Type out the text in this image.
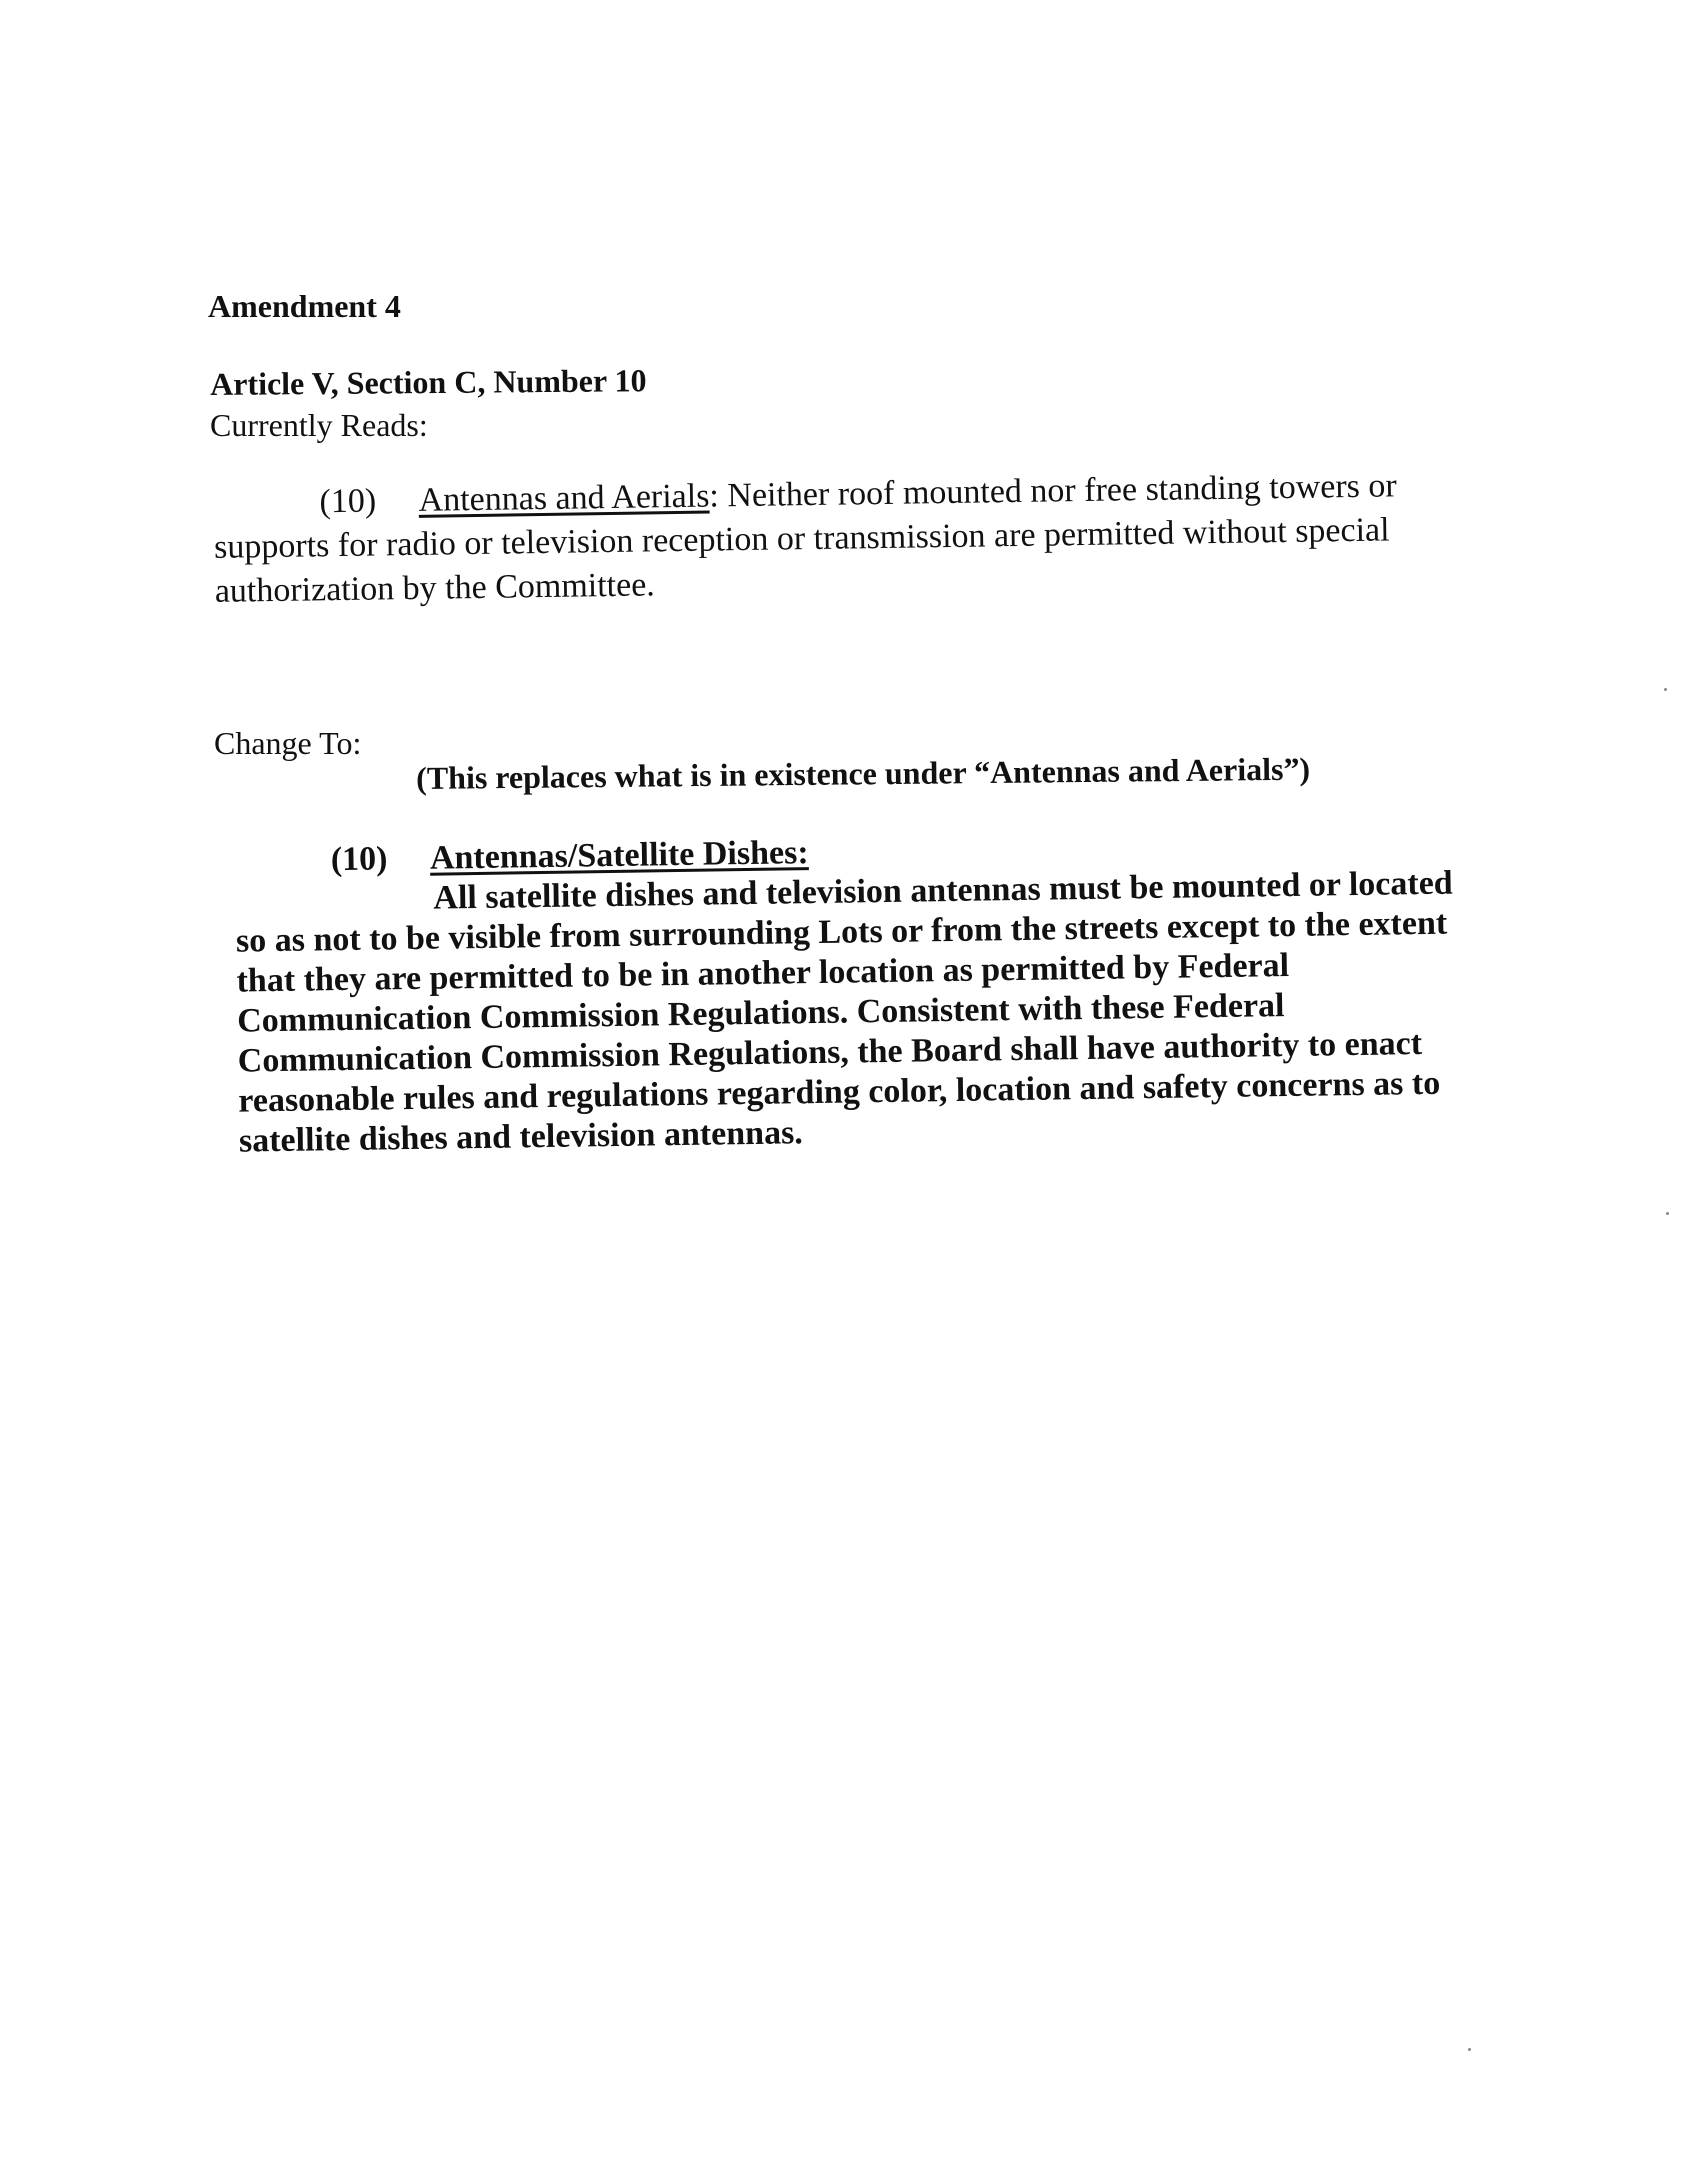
Amendment 4
Article V, Section C, Number 10
Currently Reads:
(10) Antennas and Aerials: Neither roof mounted nor free standing towers or
supports for radio or television reception or transmission are permitted without special
authorization by the Committee.
Change To:
(This replaces what is in existence under “Antennas and Aerials”)
(10) Antennas/Satellite Dishes:
All satellite dishes and television antennas must be mounted or located
so as not to be visible from surrounding Lots or from the streets except to the extent
that they are permitted to be in another location as permitted by Federal
Communication Commission Regulations. Consistent with these Federal
Communication Commission Regulations, the Board shall have authority to enact
reasonable rules and regulations regarding color, location and safety concerns as to
satellite dishes and television antennas.
